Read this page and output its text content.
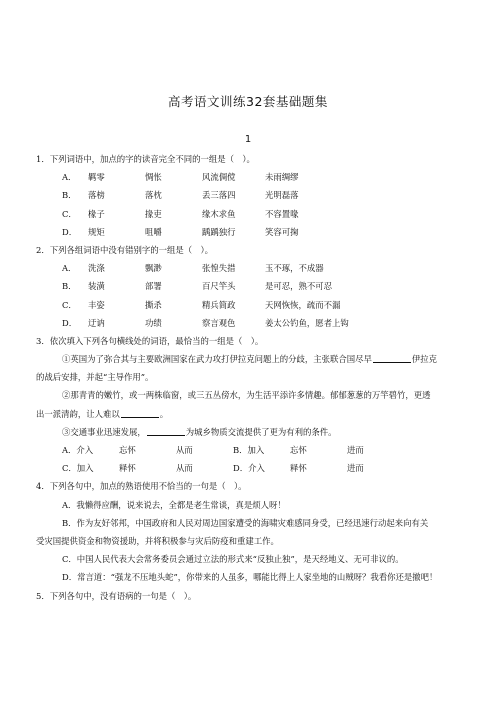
高考语文训练32套基础题集
1
1．下列词语中，加点的字的读音完全不同的一组是（　）。
A． 羁零	惆怅	风流倜傥	未雨绸缪
B． 落榜	落枕	丢三落四	光明磊落
C． 椽子	掾吏	缘木求鱼	不容置喙
D． 规矩	咀嚼	踽踽独行	笑容可掬
2．下列各组词语中没有错别字的一组是（　）。
A． 洗涤	飘渺	张惶失措	玉不琢，不成器
B． 装潢	部署	百尺竿头	是可忍，熟不可忍
C． 丰姿	撕杀	精兵简政	天网恢恢，疏而不漏
D． 迂讷	功绩	察言观色	姜太公钓鱼，愿者上钩
3．依次填入下列各句横线处的词语，最恰当的一组是（　）。
①英国为了弥合其与主要欧洲国家在武力攻打伊拉克问题上的分歧，主张联合国尽早	伊拉克
的战后安排，并起“主导作用”。
②那青青的嫩竹，或一两株临窗，或三五丛傍水，为生活平添许多情趣。郁郁葱葱的万竿碧竹，更透
出一派清韵，让人难以	。
③交通事业迅速发展，	为城乡物质交流提供了更为有利的条件。
A．介入	忘怀	从而	B．加入	忘怀	进而
C．加入	释怀	从而	D．介入	释怀	进而
4．下列各句中，加点的熟语使用不恰当的一句是（　）。
A．我懒得应酬，说来说去，全都是老生常谈，真是烦人呀！
B．作为友好邻邦，中国政府和人民对周边国家遭受的海啸灾难感同身受，已经迅速行动起来向有关
受灾国提供资金和物资援助，并将积极参与灾后防疫和重建工作。
C．中国人民代表大会常务委员会通过立法的形式来“反独止独”，是天经地义、无可非议的。
D．常言道：“强龙不压地头蛇”，你带来的人虽多，哪能比得上人家坐地的山贼呀？我看你还是撤吧！
5．下列各句中，没有语病的一句是（　）。
